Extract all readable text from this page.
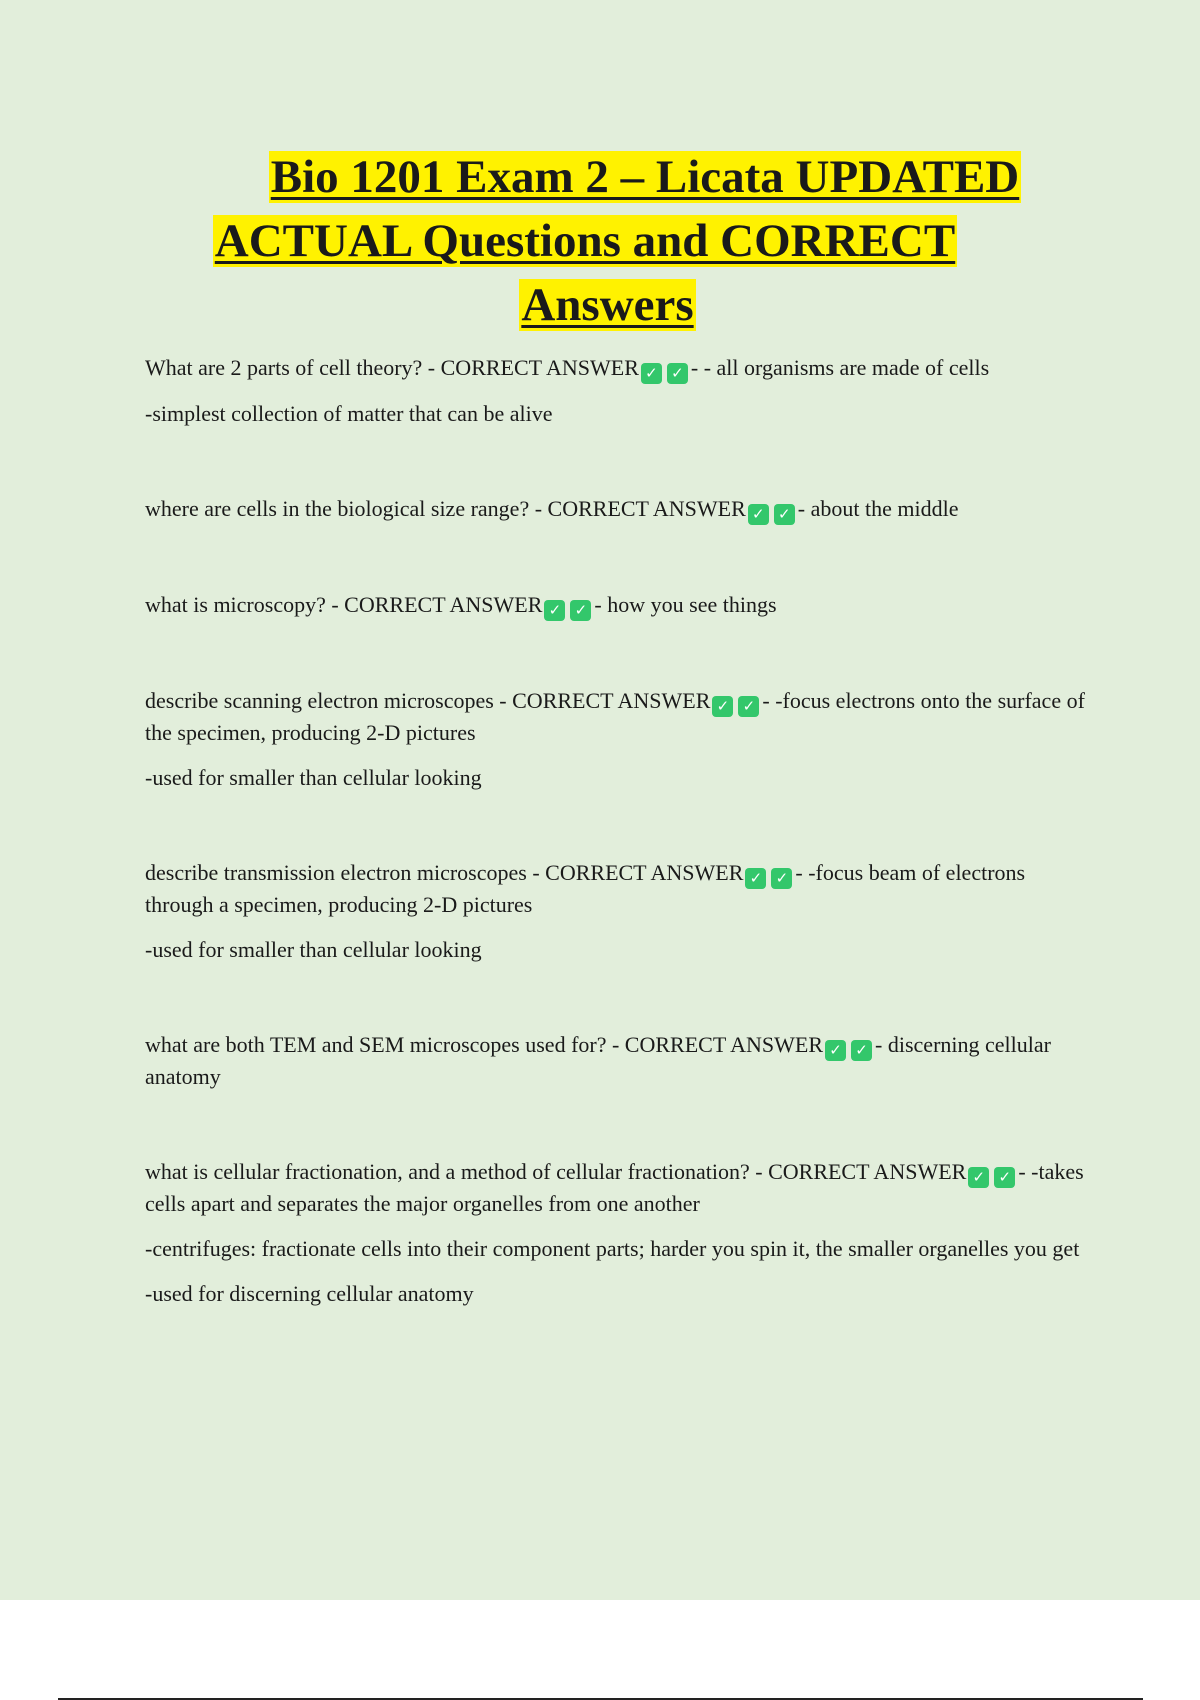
Bio 1201 Exam 2 – Licata UPDATED
ACTUAL Questions and CORRECT
Answers

What are 2 parts of cell theory? - CORRECT ANSWER ✓ ✓ - - all organisms are made of cells

-simplest collection of matter that can be alive

where are cells in the biological size range? - CORRECT ANSWER ✓ ✓ - about the middle

what is microscopy? - CORRECT ANSWER ✓ ✓ - how you see things

describe scanning electron microscopes - CORRECT ANSWER ✓ ✓ - -focus electrons onto the surface of the specimen, producing 2-D pictures

-used for smaller than cellular looking

describe transmission electron microscopes - CORRECT ANSWER ✓ ✓ - -focus beam of electrons through a specimen, producing 2-D pictures

-used for smaller than cellular looking

what are both TEM and SEM microscopes used for? - CORRECT ANSWER ✓ ✓ - discerning cellular anatomy

what is cellular fractionation, and a method of cellular fractionation? - CORRECT ANSWER ✓ ✓ - -takes cells apart and separates the major organelles from one another

-centrifuges: fractionate cells into their component parts; harder you spin it, the smaller organelles you get

-used for discerning cellular anatomy
